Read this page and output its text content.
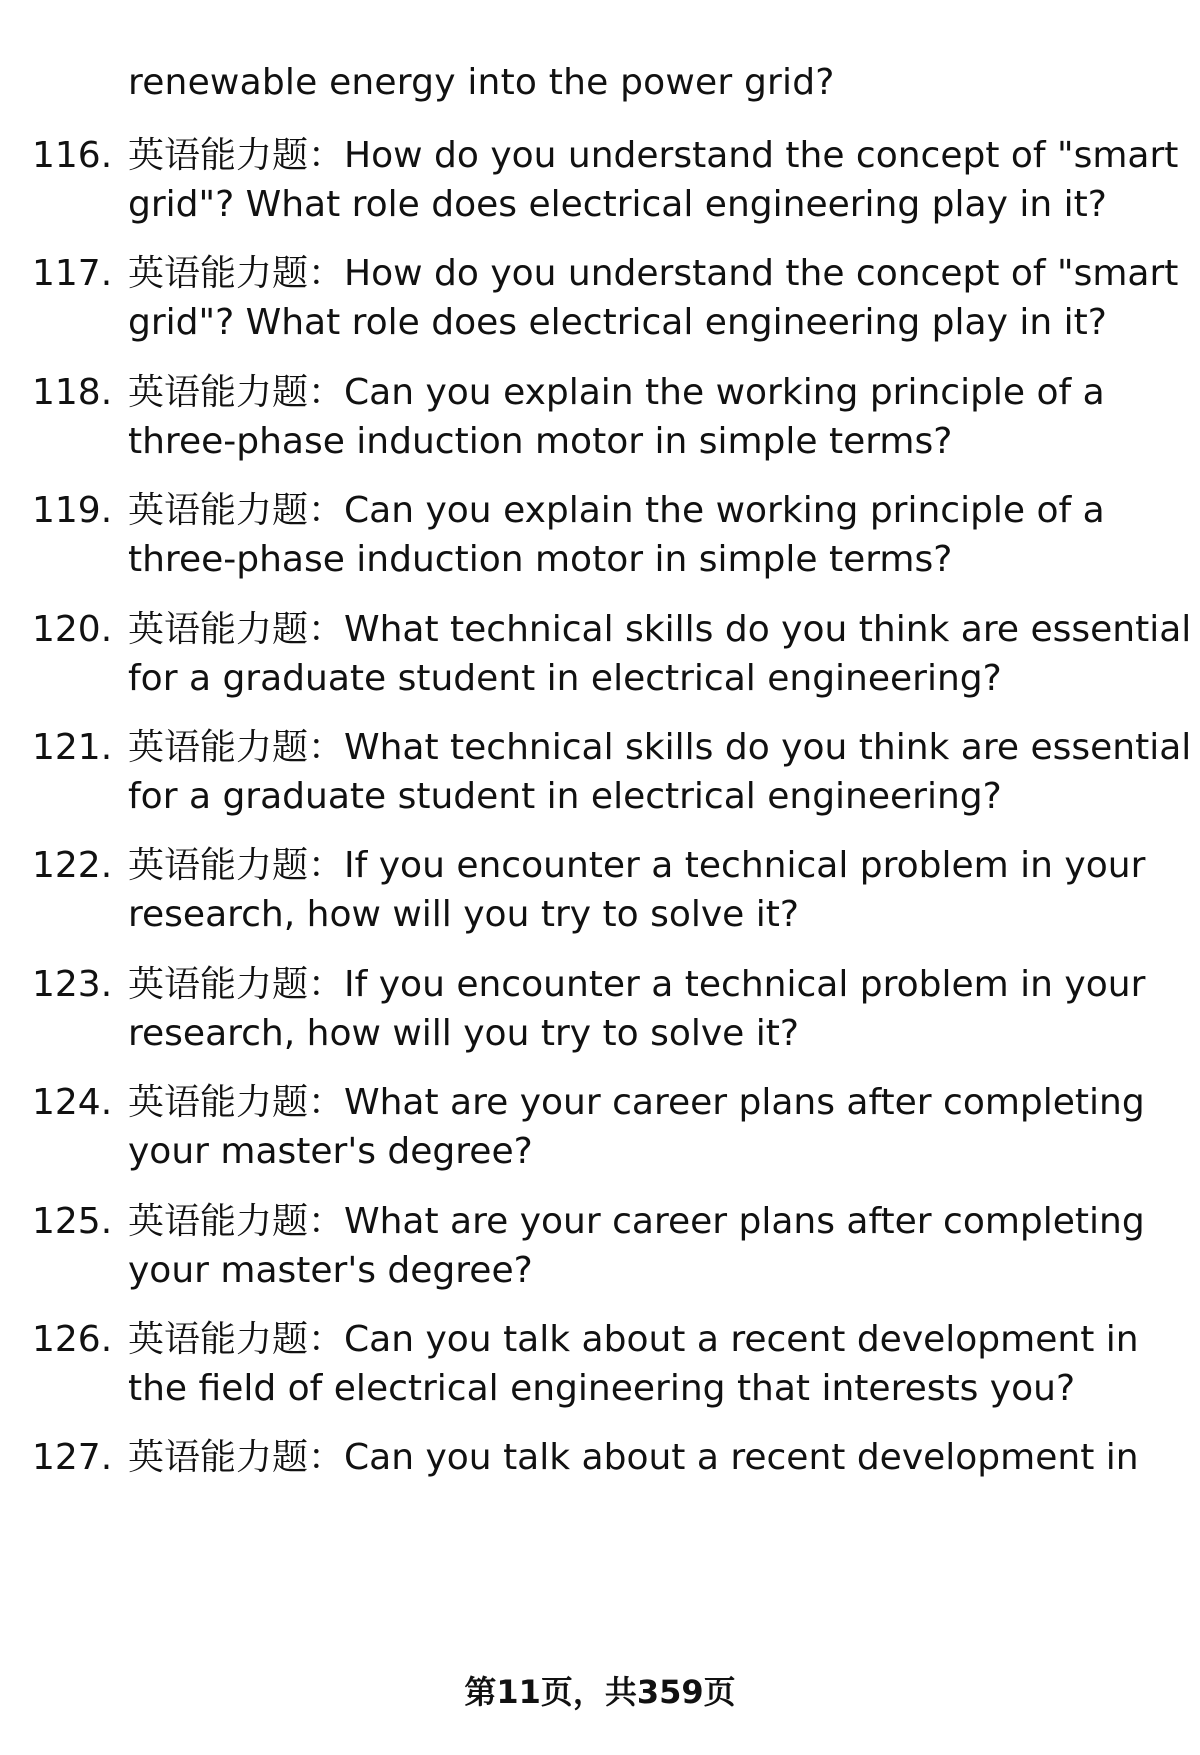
renewable energy into the power grid?
116. 英语能力题：How do you understand the concept of "smart
grid"? What role does electrical engineering play in it?
117. 英语能力题：How do you understand the concept of "smart
grid"? What role does electrical engineering play in it?
118. 英语能力题：Can you explain the working principle of a
three-phase induction motor in simple terms?
119. 英语能力题：Can you explain the working principle of a
three-phase induction motor in simple terms?
120. 英语能力题：What technical skills do you think are essential
for a graduate student in electrical engineering?
121. 英语能力题：What technical skills do you think are essential
for a graduate student in electrical engineering?
122. 英语能力题：If you encounter a technical problem in your
research, how will you try to solve it?
123. 英语能力题：If you encounter a technical problem in your
research, how will you try to solve it?
124. 英语能力题：What are your career plans after completing
your master's degree?
125. 英语能力题：What are your career plans after completing
your master's degree?
126. 英语能力题：Can you talk about a recent development in
the field of electrical engineering that interests you?
127. 英语能力题：Can you talk about a recent development in
第11页，共359页
